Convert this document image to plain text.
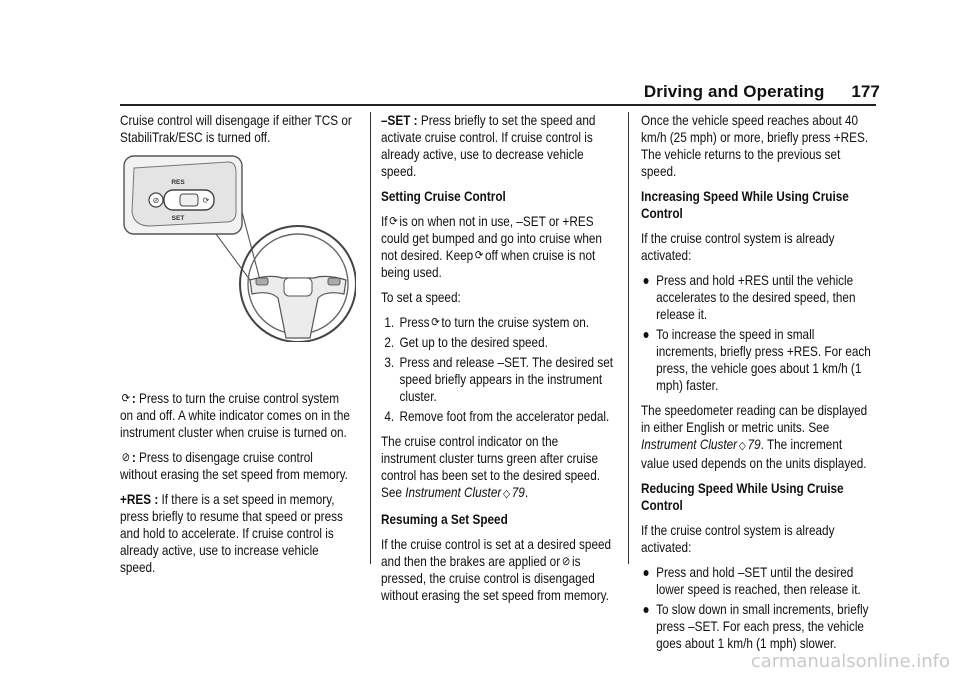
Driving and Operating 177

Cruise control will disengage if either TCS or StabiliTrak/ESC is turned off.

⟳ : Press to turn the cruise control system on and off. A white indicator comes on in the instrument cluster when cruise is turned on.

⊘ : Press to disengage cruise control without erasing the set speed from memory.

+RES : If there is a set speed in memory, press briefly to resume that speed or press and hold to accelerate. If cruise control is already active, use to increase vehicle speed.

⊘	⟳
RES
SET

–SET : Press briefly to set the speed and activate cruise control. If cruise control is already active, use to decrease vehicle speed.

Setting Cruise Control

If ⟳ is on when not in use, –SET or +RES could get bumped and go into cruise when not desired. Keep ⟳ off when cruise is not being used.

To set a speed:

1. Press ⟳ to turn the cruise system on.
2. Get up to the desired speed.
3. Press and release –SET. The desired set speed briefly appears in the instrument cluster.
4. Remove foot from the accelerator pedal.

The cruise control indicator on the instrument cluster turns green after cruise control has been set to the desired speed. See Instrument Cluster ◇ 79.

Resuming a Set Speed

If the cruise control is set at a desired speed and then the brakes are applied or ⊘ is pressed, the cruise control is disengaged without erasing the set speed from memory.

Once the vehicle speed reaches about 40 km/h (25 mph) or more, briefly press +RES. The vehicle returns to the previous set speed.

Increasing Speed While Using Cruise Control

If the cruise control system is already activated:

Press and hold +RES until the vehicle accelerates to the desired speed, then release it.
To increase the speed in small increments, briefly press +RES. For each press, the vehicle goes about 1 km/h (1 mph) faster.

The speedometer reading can be displayed in either English or metric units. See Instrument Cluster ◇ 79. The increment value used depends on the units displayed.

Reducing Speed While Using Cruise Control

If the cruise control system is already activated:

Press and hold –SET until the desired lower speed is reached, then release it.
To slow down in small increments, briefly press –SET. For each press, the vehicle goes about 1 km/h (1 mph) slower.
carmanualsonline.info
